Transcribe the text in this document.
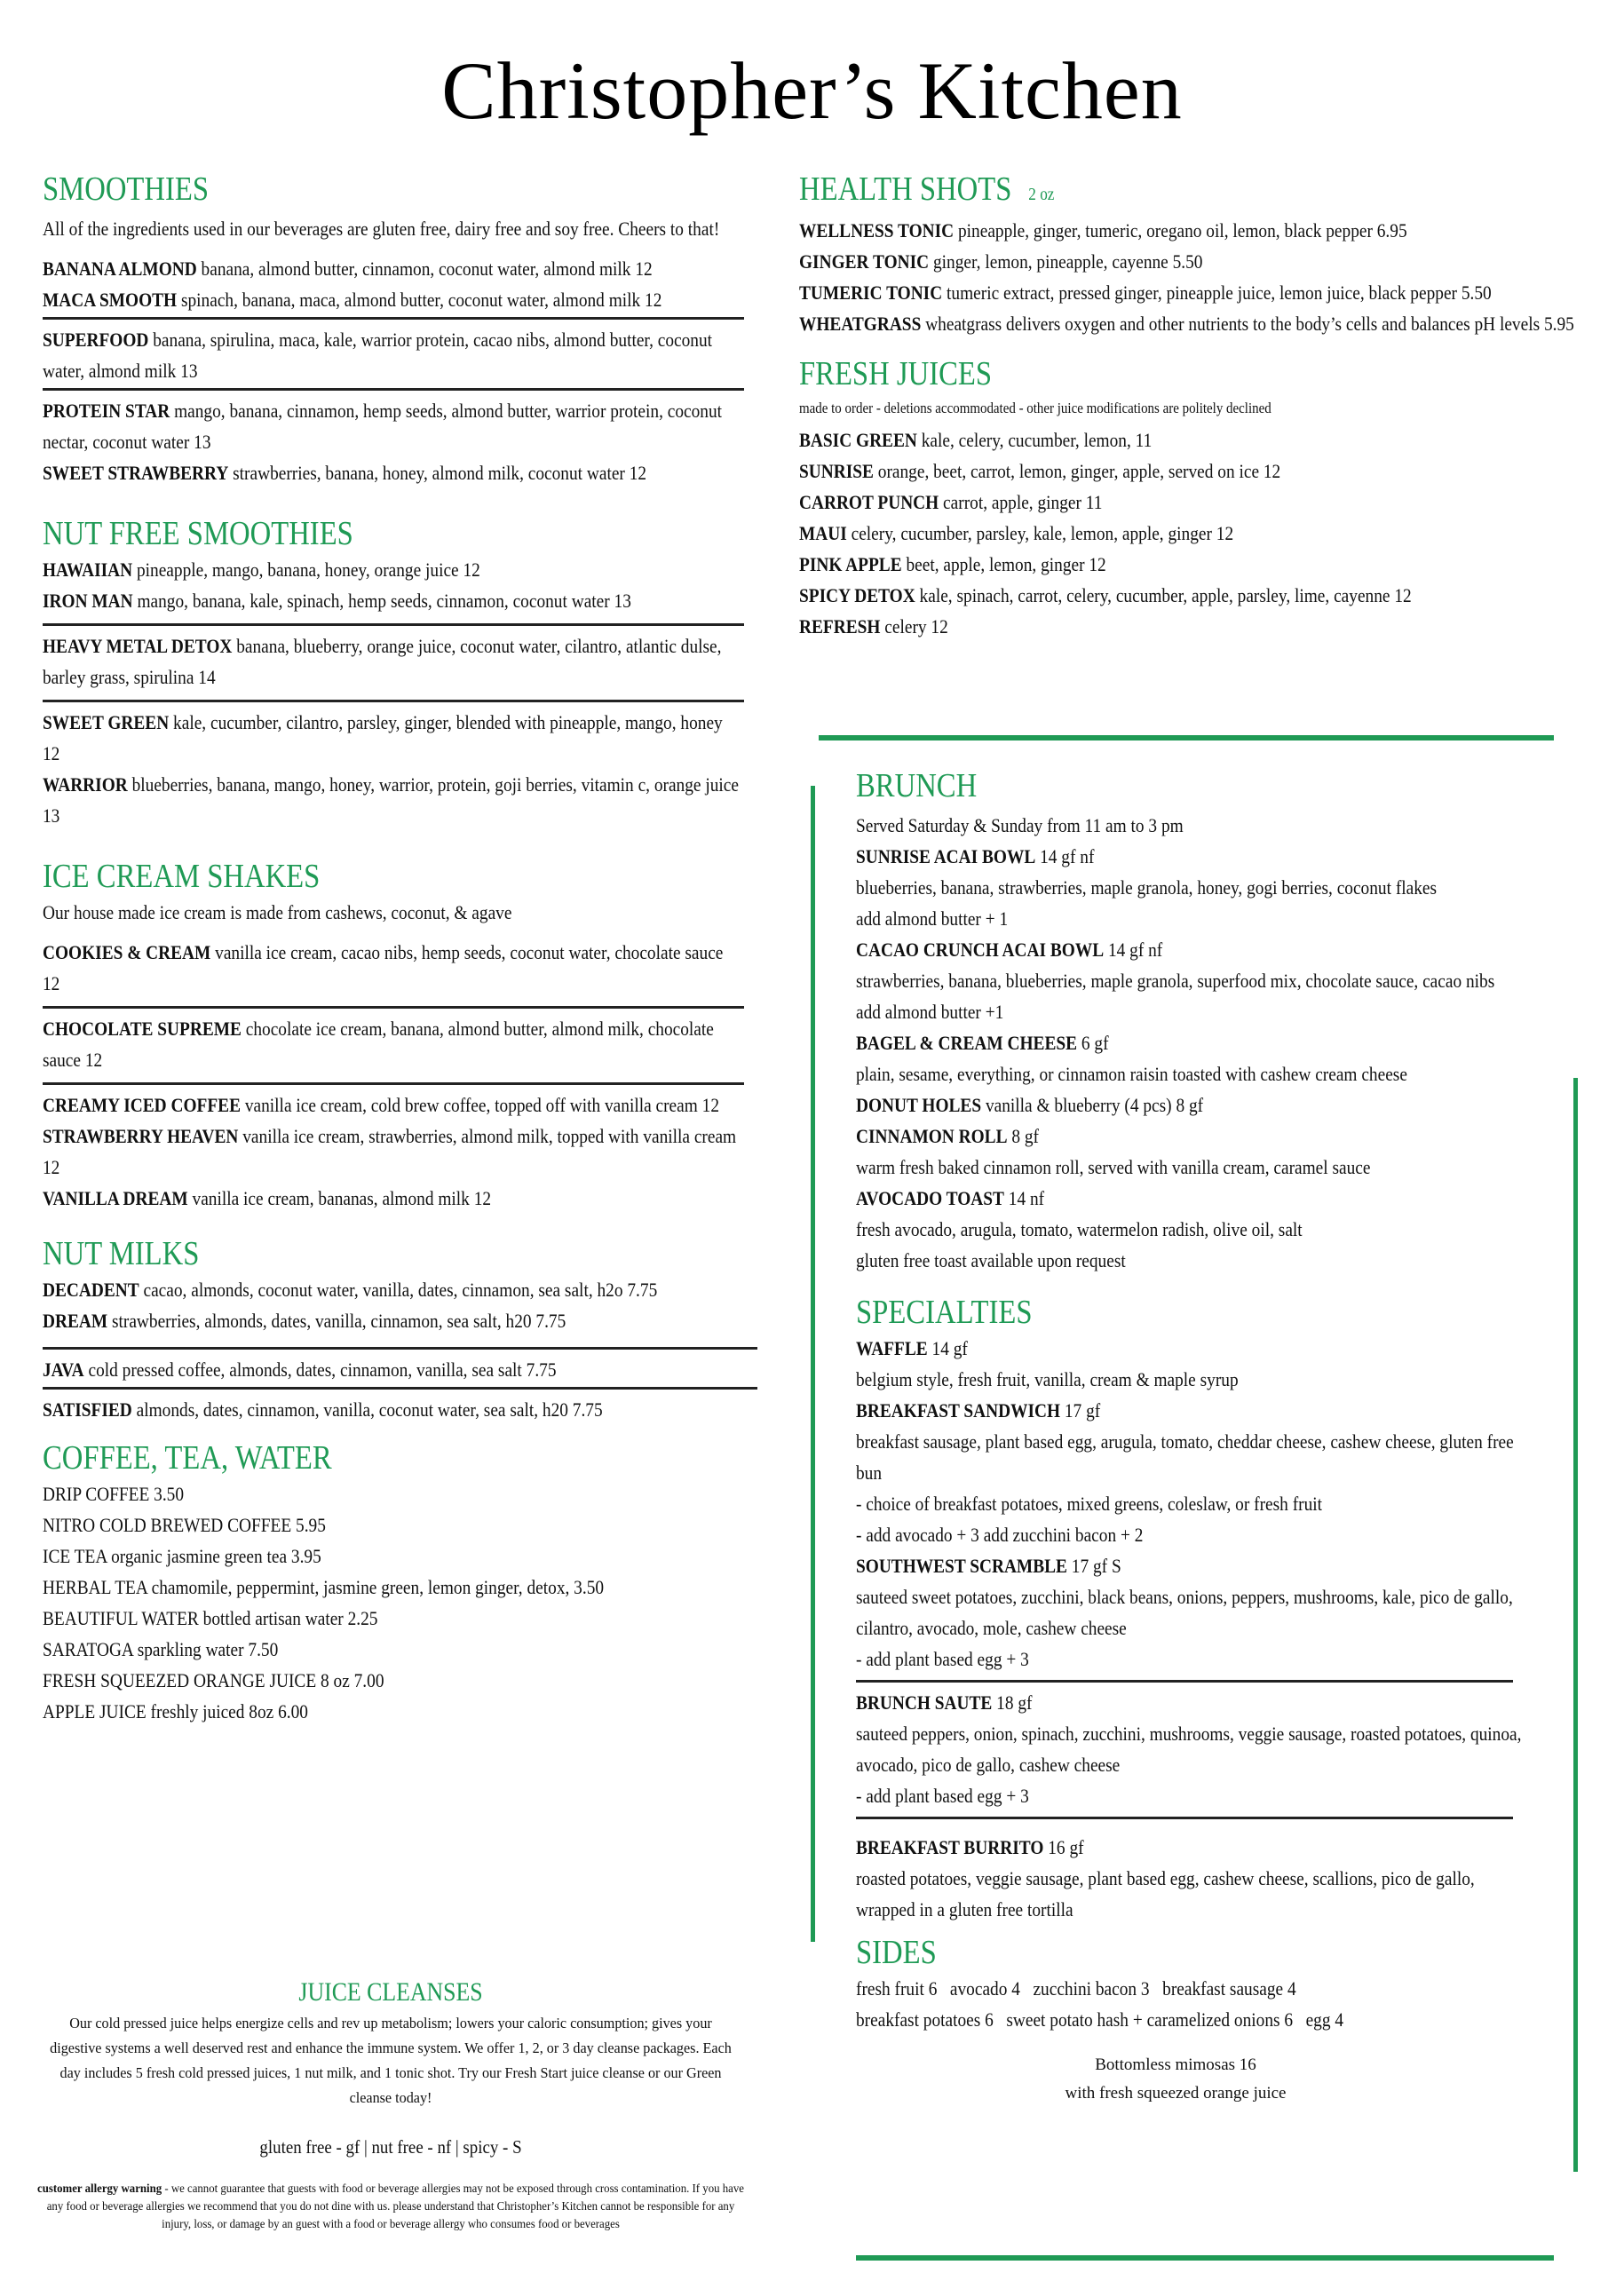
Christopher’s Kitchen
SMOOTHIES
All of the ingredients used in our beverages are gluten free, dairy free and soy free. Cheers to that!
BANANA ALMOND banana, almond butter, cinnamon, coconut water, almond milk 12
MACA SMOOTH spinach, banana, maca, almond butter, coconut water, almond milk 12
SUPERFOOD banana, spirulina, maca, kale, warrior protein, cacao nibs, almond butter, coconut water, almond milk 13
PROTEIN STAR mango, banana, cinnamon, hemp seeds, almond butter, warrior protein, coconut nectar, coconut water 13
SWEET STRAWBERRY strawberries, banana, honey, almond milk, coconut water 12
NUT FREE SMOOTHIES
HAWAIIAN pineapple, mango, banana, honey, orange juice 12
IRON MAN mango, banana, kale, spinach, hemp seeds, cinnamon, coconut water 13
HEAVY METAL DETOX banana, blueberry, orange juice, coconut water, cilantro, atlantic dulse, barley grass, spirulina 14
SWEET GREEN kale, cucumber, cilantro, parsley, ginger, blended with pineapple, mango, honey 12
WARRIOR blueberries, banana, mango, honey, warrior, protein, goji berries, vitamin c, orange juice 13
ICE CREAM SHAKES
Our house made ice cream is made from cashews, coconut, & agave
COOKIES & CREAM vanilla ice cream, cacao nibs, hemp seeds, coconut water, chocolate sauce 12
CHOCOLATE SUPREME chocolate ice cream, banana, almond butter, almond milk, chocolate sauce 12
CREAMY ICED COFFEE vanilla ice cream, cold brew coffee, topped off with vanilla cream 12
STRAWBERRY HEAVEN vanilla ice cream, strawberries, almond milk, topped with vanilla cream 12
VANILLA DREAM vanilla ice cream, bananas, almond milk 12
NUT MILKS
DECADENT cacao, almonds, coconut water, vanilla, dates, cinnamon, sea salt, h2o 7.75
DREAM strawberries, almonds, dates, vanilla, cinnamon, sea salt, h20 7.75
JAVA cold pressed coffee, almonds, dates, cinnamon, vanilla, sea salt 7.75
SATISFIED almonds, dates, cinnamon, vanilla, coconut water, sea salt, h20 7.75
COFFEE, TEA, WATER
DRIP COFFEE 3.50
NITRO COLD BREWED COFFEE 5.95
ICE TEA organic jasmine green tea 3.95
HERBAL TEA chamomile, peppermint, jasmine green, lemon ginger, detox, 3.50
BEAUTIFUL WATER bottled artisan water 2.25
SARATOGA sparkling water 7.50
FRESH SQUEEZED ORANGE JUICE 8 oz 7.00
APPLE JUICE freshly juiced 8oz 6.00
JUICE CLEANSES
Our cold pressed juice helps energize cells and rev up metabolism; lowers your caloric consumption; gives your digestive systems a well deserved rest and enhance the immune system. We offer 1, 2, or 3 day cleanse packages. Each day includes 5 fresh cold pressed juices, 1 nut milk, and 1 tonic shot. Try our Fresh Start juice cleanse or our Green cleanse today!
gluten free - gf | nut free - nf | spicy - S
customer allergy warning - we cannot guarantee that guests with food or beverage allergies may not be exposed through cross contamination. If you have any food or beverage allergies we recommend that you do not dine with us. please understand that Christopher’s Kitchen cannot be responsible for any injury, loss, or damage by an guest with a food or beverage allergy who consumes food or beverages
HEALTH SHOTS 2 oz
WELLNESS TONIC pineapple, ginger, tumeric, oregano oil, lemon, black pepper 6.95
GINGER TONIC ginger, lemon, pineapple, cayenne 5.50
TUMERIC TONIC tumeric extract, pressed ginger, pineapple juice, lemon juice, black pepper 5.50
WHEATGRASS wheatgrass delivers oxygen and other nutrients to the body’s cells and balances pH levels 5.95
FRESH JUICES
made to order - deletions accommodated - other juice modifications are politely declined
BASIC GREEN kale, celery, cucumber, lemon, 11
SUNRISE orange, beet, carrot, lemon, ginger, apple, served on ice 12
CARROT PUNCH carrot, apple, ginger 11
MAUI celery, cucumber, parsley, kale, lemon, apple, ginger 12
PINK APPLE beet, apple, lemon, ginger 12
SPICY DETOX kale, spinach, carrot, celery, cucumber, apple, parsley, lime, cayenne 12
REFRESH celery 12
BRUNCH
Served Saturday & Sunday from 11 am to 3 pm
SUNRISE ACAI BOWL 14 gf nf
blueberries, banana, strawberries, maple granola, honey, gogi berries, coconut flakes
add almond butter + 1
CACAO CRUNCH ACAI BOWL 14 gf nf
strawberries, banana, blueberries, maple granola, superfood mix, chocolate sauce, cacao nibs
add almond butter +1
BAGEL & CREAM CHEESE 6 gf
plain, sesame, everything, or cinnamon raisin toasted with cashew cream cheese
DONUT HOLES vanilla & blueberry (4 pcs) 8 gf
CINNAMON ROLL 8 gf
warm fresh baked cinnamon roll, served with vanilla cream, caramel sauce
AVOCADO TOAST 14 nf
fresh avocado, arugula, tomato, watermelon radish, olive oil, salt
gluten free toast available upon request
SPECIALTIES
WAFFLE 14 gf
belgium style, fresh fruit, vanilla, cream & maple syrup
BREAKFAST SANDWICH 17 gf
breakfast sausage, plant based egg, arugula, tomato, cheddar cheese, cashew cheese, gluten free bun
- choice of breakfast potatoes, mixed greens, coleslaw, or fresh fruit
- add avocado + 3 add zucchini bacon + 2
SOUTHWEST SCRAMBLE 17 gf S
sauteed sweet potatoes, zucchini, black beans, onions, peppers, mushrooms, kale, pico de gallo, cilantro, avocado, mole, cashew cheese
- add plant based egg + 3
BRUNCH SAUTE 18 gf
sauteed peppers, onion, spinach, zucchini, mushrooms, veggie sausage, roasted potatoes, quinoa, avocado, pico de gallo, cashew cheese
- add plant based egg + 3
BREAKFAST BURRITO 16 gf
roasted potatoes, veggie sausage, plant based egg, cashew cheese, scallions, pico de gallo, wrapped in a gluten free tortilla
SIDES
fresh fruit 6   avocado 4   zucchini bacon 3   breakfast sausage 4
breakfast potatoes 6   sweet potato hash + caramelized onions 6   egg 4
Bottomless mimosas 16
with fresh squeezed orange juice
